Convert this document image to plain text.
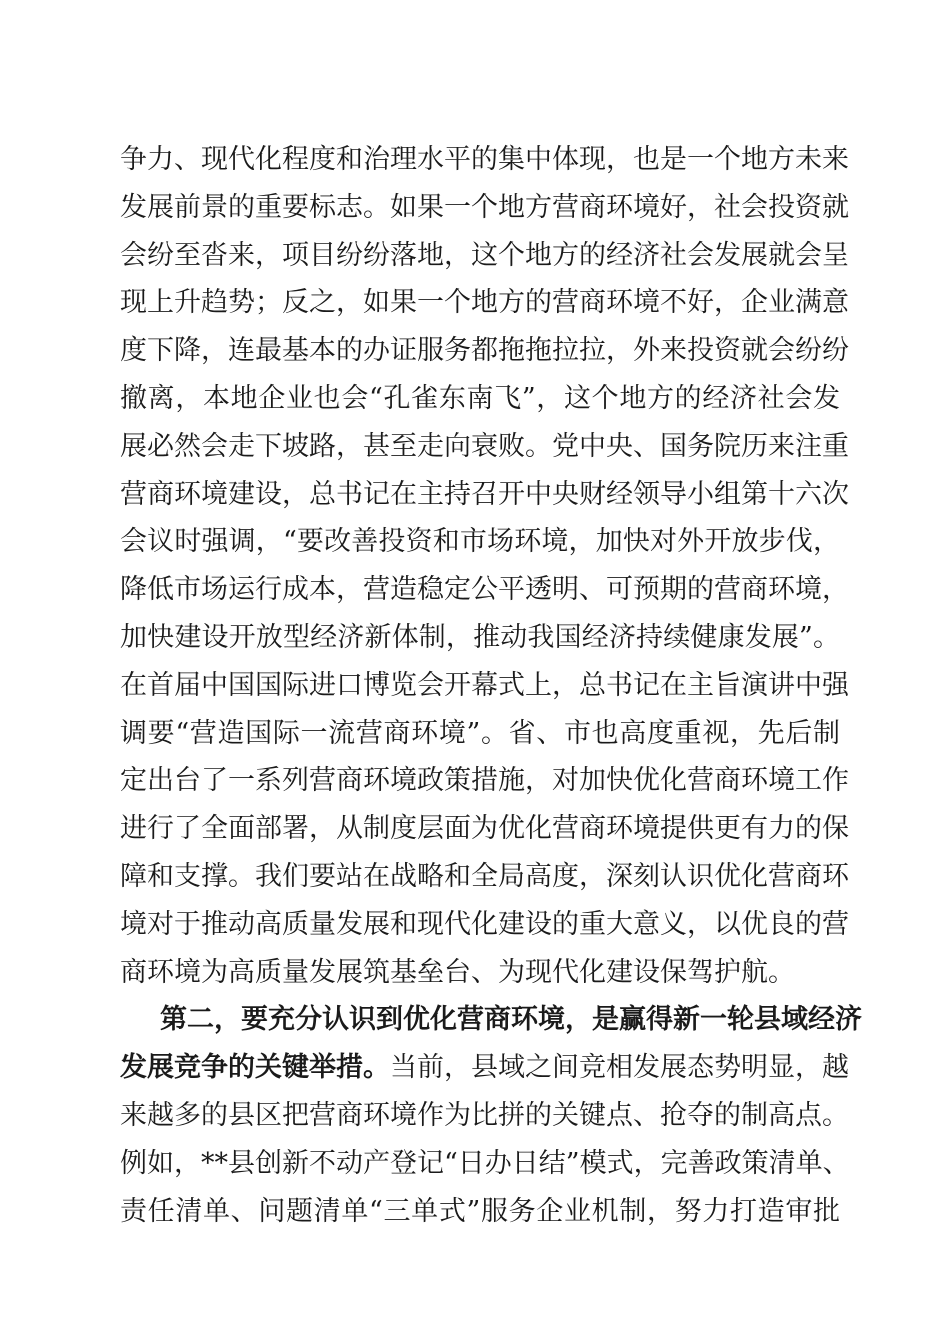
争力、现代化程度和治理水平的集中体现，也是一个地方未来
发展前景的重要标志。如果一个地方营商环境好，社会投资就
会纷至沓来，项目纷纷落地，这个地方的经济社会发展就会呈
现上升趋势；反之，如果一个地方的营商环境不好，企业满意
度下降，连最基本的办证服务都拖拖拉拉，外来投资就会纷纷
撤离，本地企业也会“孔雀东南飞”，这个地方的经济社会发
展必然会走下坡路，甚至走向衰败。党中央、国务院历来注重
营商环境建设，总书记在主持召开中央财经领导小组第十六次
会议时强调，“要改善投资和市场环境，加快对外开放步伐，
降低市场运行成本，营造稳定公平透明、可预期的营商环境，
加快建设开放型经济新体制，推动我国经济持续健康发展”。
在首届中国国际进口博览会开幕式上，总书记在主旨演讲中强
调要“营造国际一流营商环境”。省、市也高度重视，先后制
定出台了一系列营商环境政策措施，对加快优化营商环境工作
进行了全面部署，从制度层面为优化营商环境提供更有力的保
障和支撑。我们要站在战略和全局高度，深刻认识优化营商环
境对于推动高质量发展和现代化建设的重大意义，以优良的营
商环境为高质量发展筑基垒台、为现代化建设保驾护航。
第二，要充分认识到优化营商环境，是赢得新一轮县域经济
发展竞争的关键举措。当前，县域之间竞相发展态势明显，越
来越多的县区把营商环境作为比拼的关键点、抢夺的制高点。
例如，**县创新不动产登记“日办日结”模式，完善政策清单、
责任清单、问题清单“三单式”服务企业机制，努力打造审批
